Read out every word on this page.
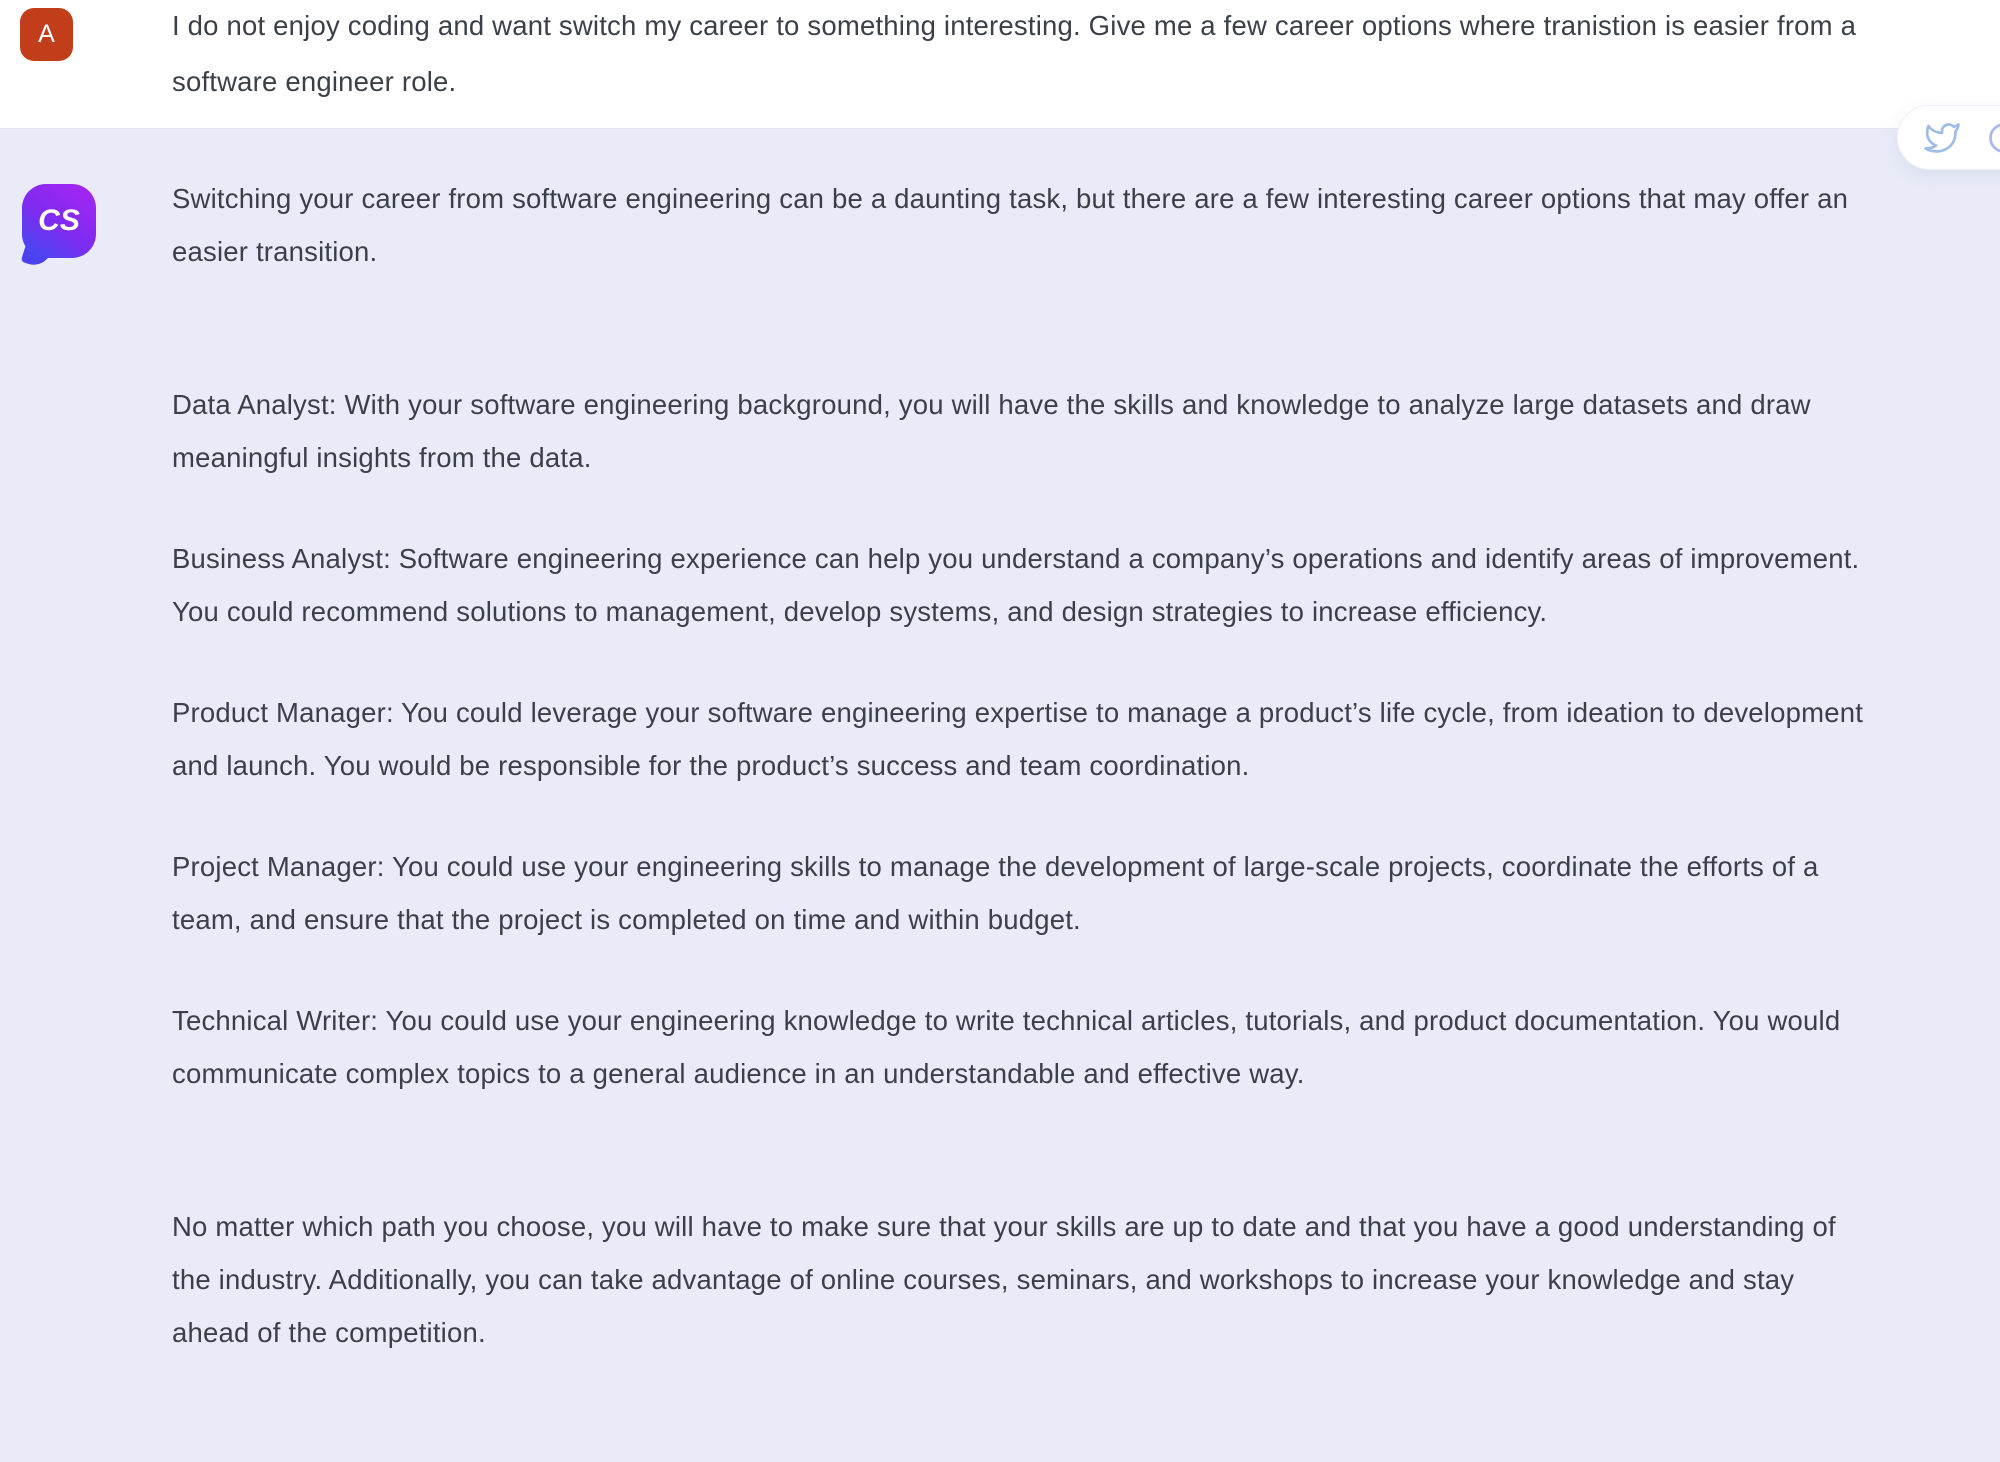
A	I do not enjoy coding and want switch my career to something interesting. Give me a few career options where tranistion is easier from a software engineer role.
CS

Switching your career from software engineering can be a daunting task, but there are a few interesting career options that may offer an easier transition.

Data Analyst: With your software engineering background, you will have the skills and knowledge to analyze large datasets and draw meaningful insights from the data.

Business Analyst: Software engineering experience can help you understand a company’s operations and identify areas of improvement. You could recommend solutions to management, develop systems, and design strategies to increase efficiency.

Product Manager: You could leverage your software engineering expertise to manage a product’s life cycle, from ideation to development and launch. You would be responsible for the product’s success and team coordination.

Project Manager: You could use your engineering skills to manage the development of large-scale projects, coordinate the efforts of a team, and ensure that the project is completed on time and within budget.

Technical Writer: You could use your engineering knowledge to write technical articles, tutorials, and product documentation. You would communicate complex topics to a general audience in an understandable and effective way.

No matter which path you choose, you will have to make sure that your skills are up to date and that you have a good understanding of the industry. Additionally, you can take advantage of online courses, seminars, and workshops to increase your knowledge and stay ahead of the competition.
